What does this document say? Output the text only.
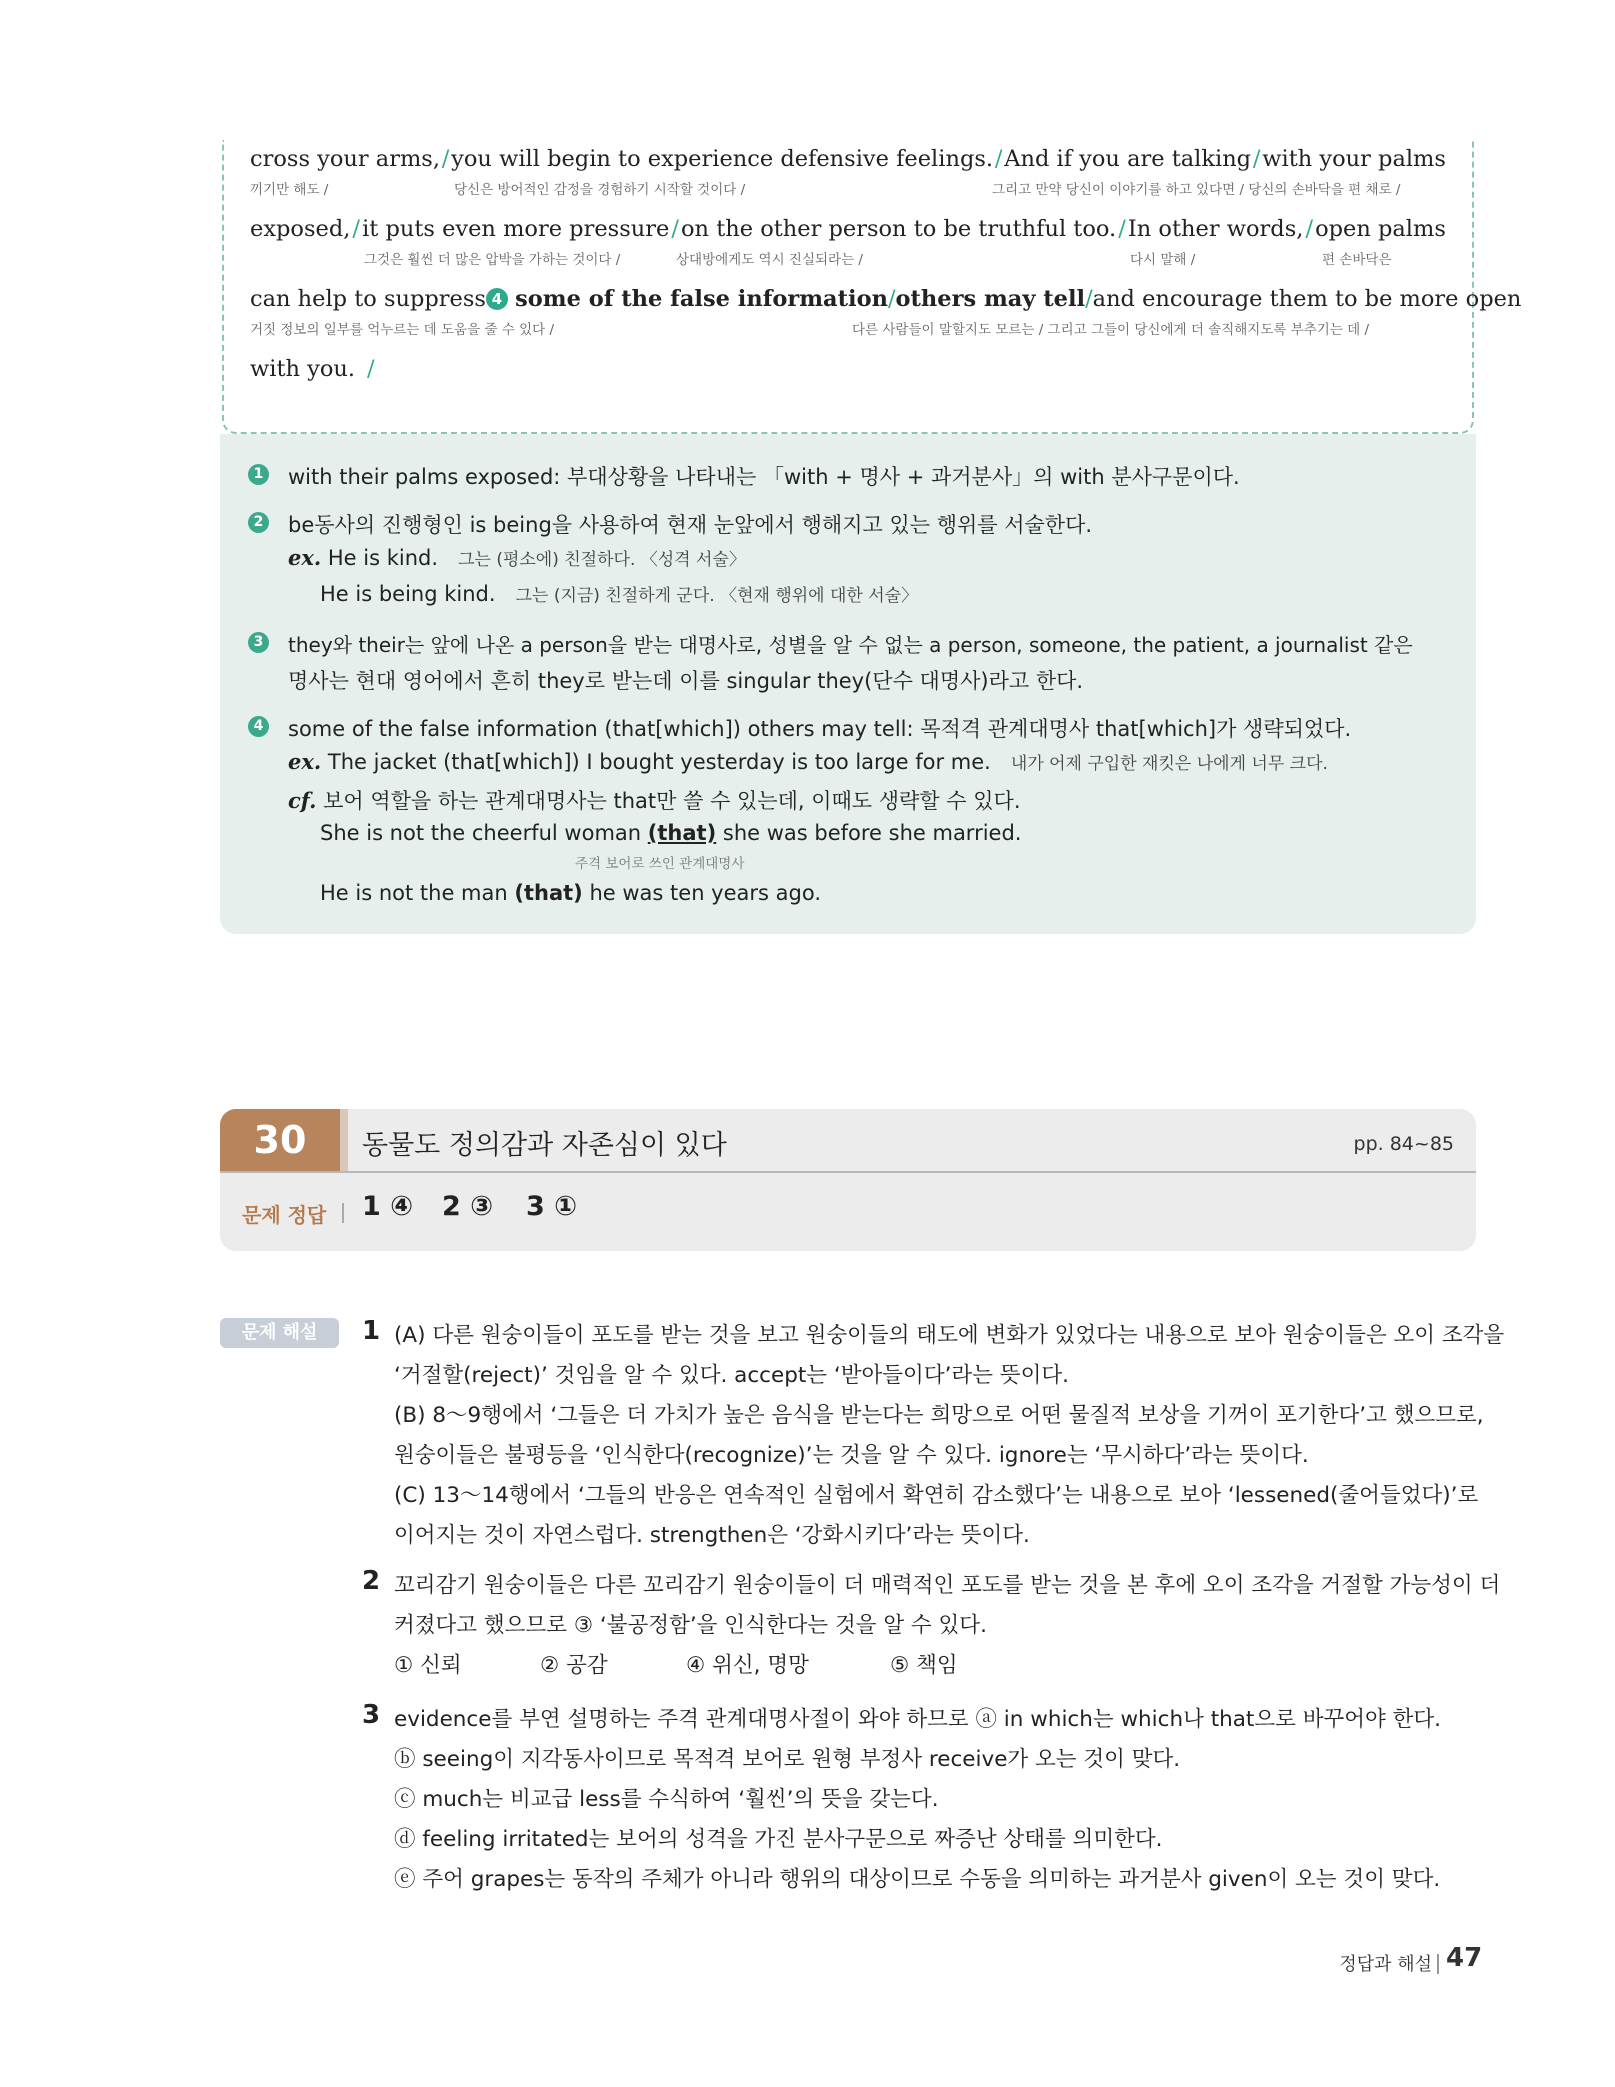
cross your arms, / you will begin to experience defensive feelings. / And if you are talking / with your palms
끼기만 해도 /	당신은 방어적인 감정을 경험하기 시작할 것이다 /	그리고 만약 당신이 이야기를 하고 있다면 / 당신의 손바닥을 편 채로 /
exposed, / it puts even more pressure / on the other person to be truthful too. / In other words, / open palms
그것은 훨씬 더 많은 압박을 가하는 것이다 /	상대방에게도 역시 진실되라는 /	다시 말해 /	편 손바닥은
can help to suppress 4 some of the false information / others may tell / and encourage them to be more open
거짓 정보의 일부를 억누르는 데 도움을 줄 수 있다 /	다른 사람들이 말할지도 모르는 / 그리고 그들이 당신에게 더 솔직해지도록 부추기는 데 /
with you. /
1 with their palms exposed: 부대상황을 나타내는 「with + 명사 + 과거분사」의 with 분사구문이다.
2 be동사의 진행형인 is being을 사용하여 현재 눈앞에서 행해지고 있는 행위를 서술한다.
ex. He is kind. 그는 (평소에) 친절하다. 〈성격 서술〉
He is being kind. 그는 (지금) 친절하게 군다. 〈현재 행위에 대한 서술〉
3 they와 their는 앞에 나온 a person을 받는 대명사로, 성별을 알 수 없는 a person, someone, the patient, a journalist 같은
명사는 현대 영어에서 흔히 they로 받는데 이를 singular they(단수 대명사)라고 한다.
4 some of the false information (that[which]) others may tell: 목적격 관계대명사 that[which]가 생략되었다.
ex. The jacket (that[which]) I bought yesterday is too large for me. 내가 어제 구입한 재킷은 나에게 너무 크다.
cf. 보어 역할을 하는 관계대명사는 that만 쓸 수 있는데, 이때도 생략할 수 있다.
She is not the cheerful woman (that) she was before she married.
주격 보어로 쓰인 관계대명사
He is not the man (that) he was ten years ago.
30	동물도 정의감과 자존심이 있다	pp. 84~85
문제 정답 1 ④ 2 ③ 3 ①
문제 해설	1 (A) 다른 원숭이들이 포도를 받는 것을 보고 원숭이들의 태도에 변화가 있었다는 내용으로 보아 원숭이들은 오이 조각을
‘거절할(reject)’ 것임을 알 수 있다. accept는 ‘받아들이다’라는 뜻이다.
(B) 8～9행에서 ‘그들은 더 가치가 높은 음식을 받는다는 희망으로 어떤 물질적 보상을 기꺼이 포기한다’고 했으므로,
원숭이들은 불평등을 ‘인식한다(recognize)’는 것을 알 수 있다. ignore는 ‘무시하다’라는 뜻이다.
(C) 13～14행에서 ‘그들의 반응은 연속적인 실험에서 확연히 감소했다’는 내용으로 보아 ‘lessened(줄어들었다)’로
이어지는 것이 자연스럽다. strengthen은 ‘강화시키다’라는 뜻이다.
2 꼬리감기 원숭이들은 다른 꼬리감기 원숭이들이 더 매력적인 포도를 받는 것을 본 후에 오이 조각을 거절할 가능성이 더
커졌다고 했으므로 ③ ‘불공정함’을 인식한다는 것을 알 수 있다.
① 신뢰	② 공감	④ 위신, 명망	⑤ 책임
3 evidence를 부연 설명하는 주격 관계대명사절이 와야 하므로 ⓐ in which는 which나 that으로 바꾸어야 한다.
ⓑ seeing이 지각동사이므로 목적격 보어로 원형 부정사 receive가 오는 것이 맞다.
ⓒ much는 비교급 less를 수식하여 ‘훨씬’의 뜻을 갖는다.
ⓓ feeling irritated는 보어의 성격을 가진 분사구문으로 짜증난 상태를 의미한다.
ⓔ 주어 grapes는 동작의 주체가 아니라 행위의 대상이므로 수동을 의미하는 과거분사 given이 오는 것이 맞다.
정답과 해설 47
